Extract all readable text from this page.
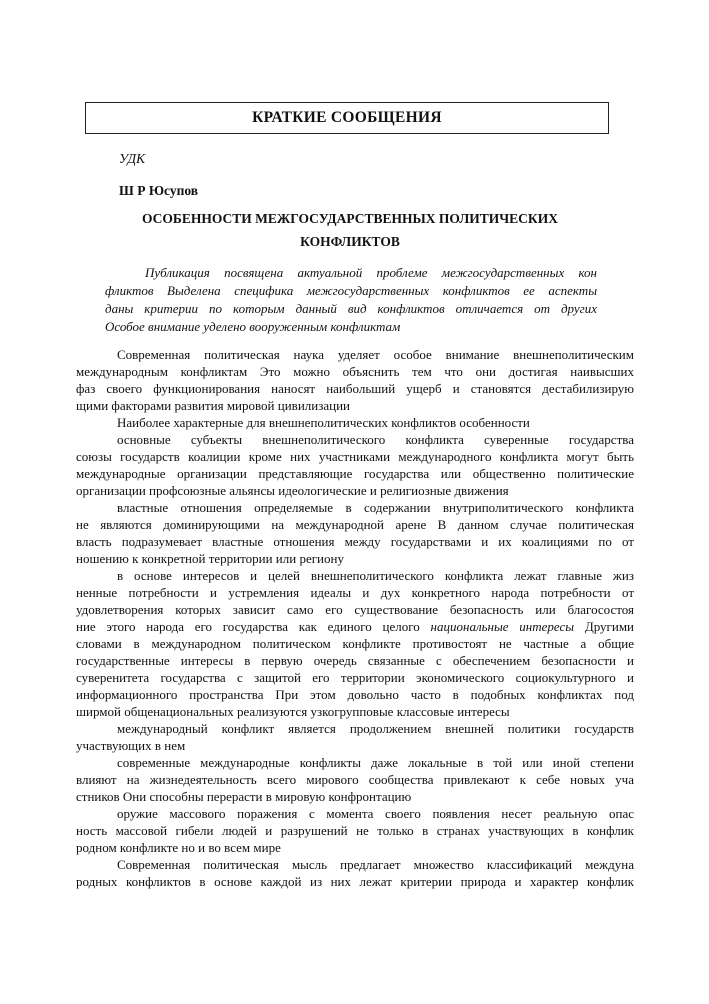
КРАТКИЕ СООБЩЕНИЯ
УДК
Ш Р Юсупов
ОСОБЕННОСТИ МЕЖГОСУДАРСТВЕННЫХ ПОЛИТИЧЕСКИХ
КОНФЛИКТОВ
Публикация посвящена актуальной проблеме межгосударственных кон
фликтов Выделена специфика межгосударственных конфликтов ее аспекты
даны критерии по которым данный вид конфликтов отличается от других
Особое внимание уделено вооруженным конфликтам
Современная политическая наука уделяет особое внимание внешнеполитическим
международным конфликтам Это можно объяснить тем что они достигая наивысших
фаз своего функционирования наносят наибольший ущерб и становятся дестабилизирую
щими факторами развития мировой цивилизации
Наиболее характерные для внешнеполитических конфликтов особенности
основные субъекты внешнеполитического конфликта суверенные государства
союзы государств коалиции кроме них участниками международного конфликта могут быть
международные организации представляющие государства или общественно политические
организации профсоюзные альянсы идеологические и религиозные движения
властные отношения определяемые в содержании внутриполитического конфликта
не являются доминирующими на международной арене В данном случае политическая
власть подразумевает властные отношения между государствами и их коалициями по от
ношению к конкретной территории или региону
в основе интересов и целей внешнеполитического конфликта лежат главные жиз
ненные потребности и устремления идеалы и дух конкретного народа потребности от
удовлетворения которых зависит само его существование безопасность или благосостоя
ние этого народа его государства как единого целого национальные интересы Другими
словами в международном политическом конфликте противостоят не частные а общие
государственные интересы в первую очередь связанные с обеспечением безопасности и
суверенитета государства с защитой его территории экономического социокультурного и
информационного пространства При этом довольно часто в подобных конфликтах под
ширмой общенациональных реализуются узкогрупповые классовые интересы
международный конфликт является продолжением внешней политики государств
участвующих в нем
современные международные конфликты даже локальные в той или иной степени
влияют на жизнедеятельность всего мирового сообщества привлекают к себе новых уча
стников Они способны перерасти в мировую конфронтацию
оружие массового поражения с момента своего появления несет реальную опас
ность массовой гибели людей и разрушений не только в странах участвующих в конфлик
родном конфликте но и во всем мире
Современная политическая мысль предлагает множество классификаций междуна
родных конфликтов в основе каждой из них лежат критерии природа и характер конфлик
